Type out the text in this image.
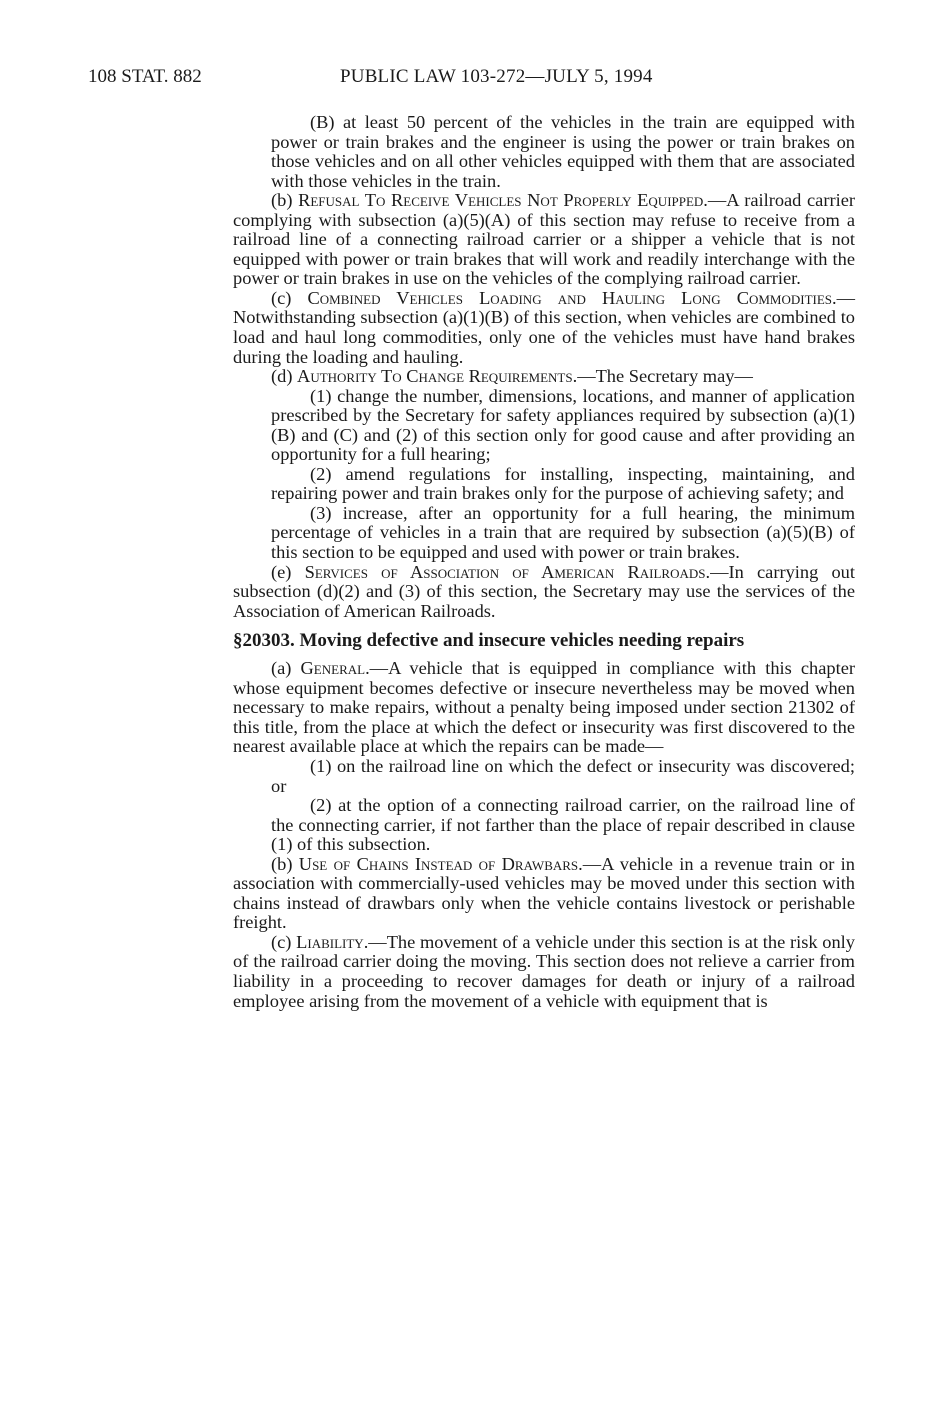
108 STAT. 882	PUBLIC LAW 103-272—JULY 5, 1994

(B) at least 50 percent of the vehicles in the train are equipped with power or train brakes and the engineer is using the power or train brakes on those vehicles and on all other vehicles equipped with them that are associated with those vehicles in the train.

(b) Refusal To Receive Vehicles Not Properly Equipped.—A railroad carrier complying with subsection (a)(5)(A) of this section may refuse to receive from a railroad line of a connecting railroad carrier or a shipper a vehicle that is not equipped with power or train brakes that will work and readily interchange with the power or train brakes in use on the vehicles of the complying railroad carrier.

(c) Combined Vehicles Loading and Hauling Long Commodities.—Notwithstanding subsection (a)(1)(B) of this section, when vehicles are combined to load and haul long commodities, only one of the vehicles must have hand brakes during the loading and hauling.

(d) Authority To Change Requirements.—The Secretary may—

(1) change the number, dimensions, locations, and manner of application prescribed by the Secretary for safety appliances required by subsection (a)(1)(B) and (C) and (2) of this section only for good cause and after providing an opportunity for a full hearing;

(2) amend regulations for installing, inspecting, maintaining, and repairing power and train brakes only for the purpose of achieving safety; and

(3) increase, after an opportunity for a full hearing, the minimum percentage of vehicles in a train that are required by subsection (a)(5)(B) of this section to be equipped and used with power or train brakes.

(e) Services of Association of American Railroads.—In carrying out subsection (d)(2) and (3) of this section, the Secretary may use the services of the Association of American Railroads.

§20303. Moving defective and insecure vehicles needing repairs

(a) General.—A vehicle that is equipped in compliance with this chapter whose equipment becomes defective or insecure nevertheless may be moved when necessary to make repairs, without a penalty being imposed under section 21302 of this title, from the place at which the defect or insecurity was first discovered to the nearest available place at which the repairs can be made—

(1) on the railroad line on which the defect or insecurity was discovered; or

(2) at the option of a connecting railroad carrier, on the railroad line of the connecting carrier, if not farther than the place of repair described in clause (1) of this subsection.

(b) Use of Chains Instead of Drawbars.—A vehicle in a revenue train or in association with commercially-used vehicles may be moved under this section with chains instead of drawbars only when the vehicle contains livestock or perishable freight.

(c) Liability.—The movement of a vehicle under this section is at the risk only of the railroad carrier doing the moving. This section does not relieve a carrier from liability in a proceeding to recover damages for death or injury of a railroad employee arising from the movement of a vehicle with equipment that is
